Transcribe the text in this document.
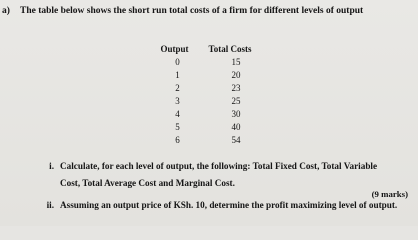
a) The table below shows the short run total costs of a firm for different levels of output
Output	Total Costs
0	15
1	20
2	23
3	25
4	30
5	40
6	54
i. Calculate, for each level of output, the following: Total Fixed Cost, Total Variable
Cost, Total Average Cost and Marginal Cost.
(9 marks)
ii. Assuming an output price of KSh. 10, determine the profit maximizing level of output.
